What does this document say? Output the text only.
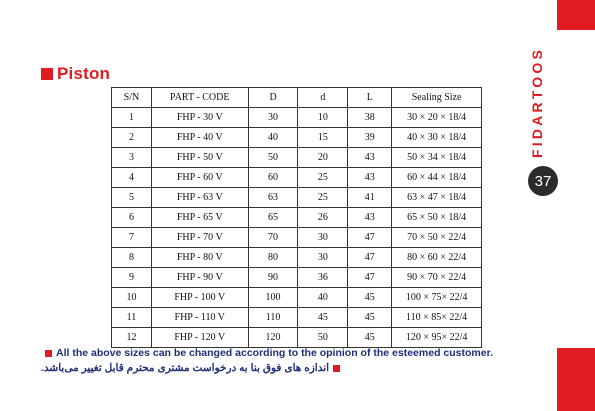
FIDARTOOS
37
Piston
S/N	PART - CODE	D	d	L	Sealing Size
1	FHP - 30 V	30	10	38	30 × 20 × 18/4
2	FHP - 40 V	40	15	39	40 × 30 × 18/4
3	FHP - 50 V	50	20	43	50 × 34 × 18/4
4	FHP - 60 V	60	25	43	60 × 44 × 18/4
5	FHP - 63 V	63	25	41	63 × 47 × 18/4
6	FHP - 65 V	65	26	43	65 × 50 × 18/4
7	FHP - 70 V	70	30	47	70 × 50 × 22/4
8	FHP - 80 V	80	30	47	80 × 60 × 22/4
9	FHP - 90 V	90	36	47	90 × 70 × 22/4
10	FHP - 100 V	100	40	45	100 × 75× 22/4
11	FHP - 110 V	110	45	45	110 × 85× 22/4
12	FHP - 120 V	120	50	45	120 × 95× 22/4
All the above sizes can be changed according to the opinion of the esteemed customer.
اندازه های فوق بنا به درخواست مشتری محترم قابل تغییر می‌باشد.
